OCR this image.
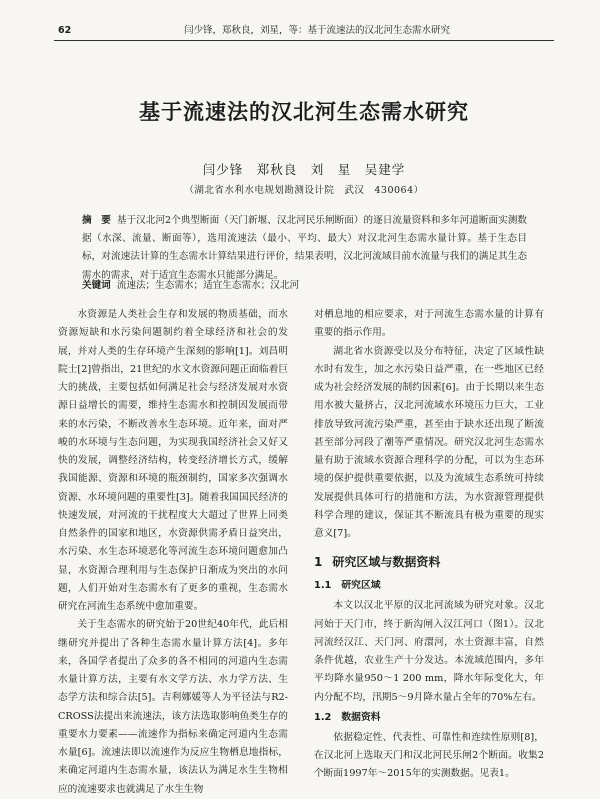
62	闫少锋，郑秋良，刘星，等：基于流速法的汉北河生态需水研究
基于流速法的汉北河生态需水研究
闫少锋　郑秋良　刘　星　吴建学
（湖北省水利水电规划勘测设计院　武汉　430064）
摘　要 基于汉北河2个典型断面（天门新堰、汉北河民乐闸断面）的逐日流量资料和多年河道断面实测数据（水深、流量、断面等），选用流速法（最小、平均、最大）对汉北河生态需水量计算。基于生态目标，对流速法计算的生态需水计算结果进行评价，结果表明，汉北河流域目前水流量与我们的满足其生态需水的需求，对于适宜生态需水只能部分满足。
关键词 流速法；生态需水；适宜生态需水；汉北河

水资源是人类社会生存和发展的物质基础，而水资源短缺和水污染问题制约着全球经济和社会的发展，并对人类的生存环境产生深刻的影响[1]。刘昌明院士[2]曾指出，21世纪的水文水资源问题正面临着巨大的挑战，主要包括如何满足社会与经济发展对水资源日益增长的需要，维持生态需水和控制因发展而带来的水污染，不断改善水生态环境。近年来，面对严峻的水环境与生态问题，为实现我国经济社会又好又快的发展，调整经济结构，转变经济增长方式，缓解我国能源、资源和环境的瓶颈制约，国家多次强调水资源、水环境问题的重要性[3]。随着我国国民经济的快速发展，对河流的干扰程度大大超过了世界上同类自然条件的国家和地区，水资源供需矛盾日益突出，水污染、水生态环境恶化等河流生态环境问题愈加凸显，水资源合理利用与生态保护日渐成为突出的水问题，人们开始对生态需水有了更多的重视，生态需水研究在河流生态系统中愈加重要。

关于生态需水的研究始于20世纪40年代，此后相继研究并提出了各种生态需水量计算方法[4]。多年来，各国学者提出了众多的各不相同的河道内生态需水量计算方法，主要有水文学方法、水力学方法、生态学方法和综合法[5]。吉利娜媛等人为平径法与R2-CROSS法提出来流速法，该方法选取影响鱼类生存的重要水力要素——流速作为指标来确定河道内生态需水量[6]。流速法即以流速作为反应生物栖息地指标，来确定河道内生态需水量，该法认为满足水生生物相应的流速要求也就满足了水生生物

对栖息地的相应要求，对于河流生态需水量的计算有重要的指示作用。

湖北省水资源受以及分布特征，决定了区域性缺水时有发生，加之水污染日益严重，在一些地区已经成为社会经济发展的制约因素[6]。由于长期以来生态用水被大量挤占，汉北河流域水环境压力巨大，工业排放导致河流污染严重，甚至由于缺水还出现了断流甚至部分河段了潮等严重情况。研究汉北河生态需水量有助于流域水资源合理科学的分配，可以为生态环境的保护提供重要依据，以及为流域生态系统可持续发展提供具体可行的措施和方法，为水资源管理提供科学合理的建议，保证其不断流具有极为重要的现实意义[7]。

1 研究区域与数据资料
1.1 研究区域

本文以汉北平原的汉北河流域为研究对象。汉北河始于天门市，终于新沟闸入汉江河口（图1）。汉北河流经汉江、天门河、府澴河，水土资源丰富，自然条件优越，农业生产十分发达。本流域范围内，多年平均降水量950～1 200 mm，降水年际变化大，年内分配不均，汛期5～9月降水量占全年的70%左右。

1.2 数据资料

依据稳定性、代表性、可靠性和连续性原则[8]，在汉北河上选取天门和汉北河民乐闸2个断面。收集2个断面1997年～2015年的实测数据。见表1。
